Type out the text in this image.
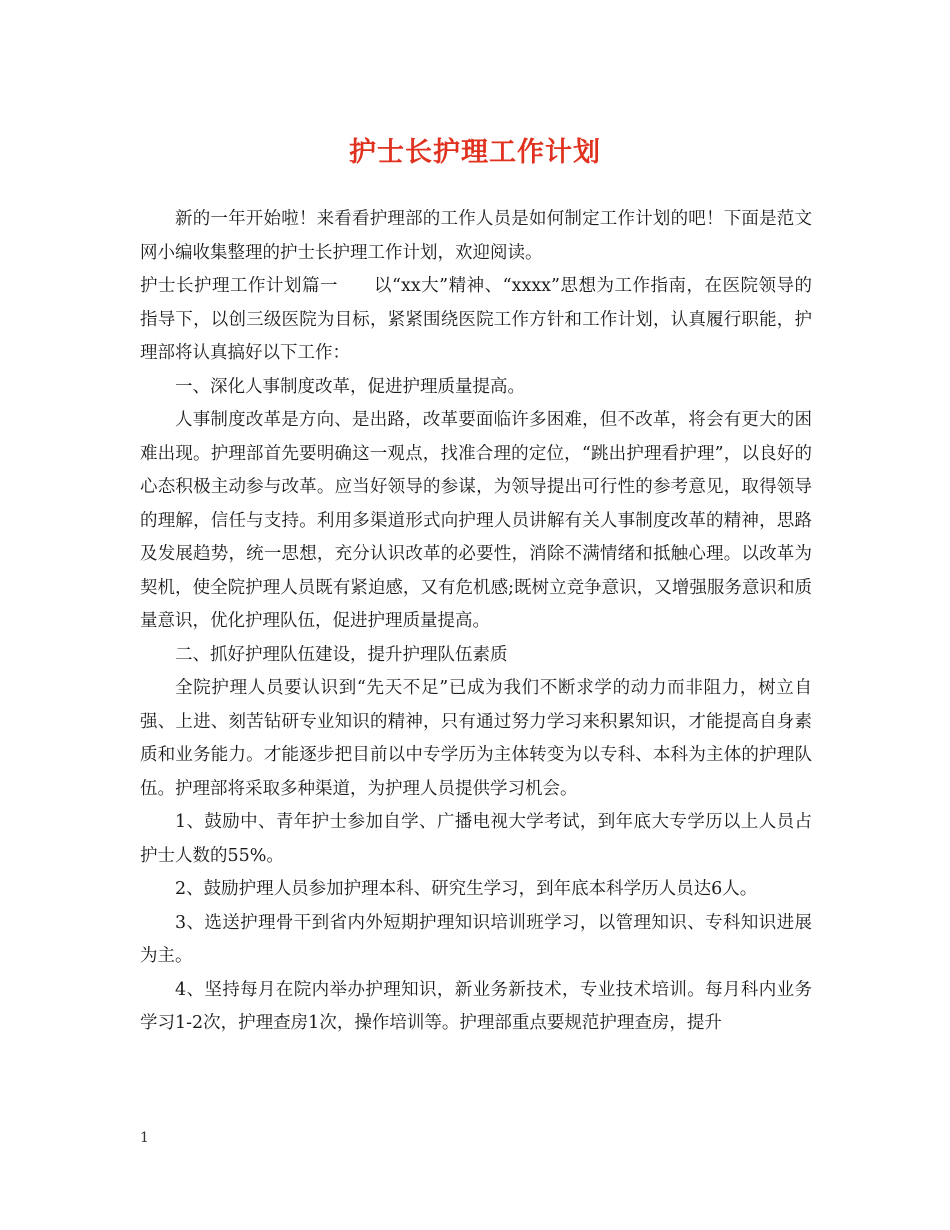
护士长护理工作计划

新的一年开始啦！来看看护理部的工作人员是如何制定工作计划的吧！下面是范文网小编收集整理的护士长护理工作计划，欢迎阅读。

护士长护理工作计划篇一　　以“xx大”精神、“xxxx”思想为工作指南，在医院领导的指导下，以创三级医院为目标，紧紧围绕医院工作方针和工作计划，认真履行职能，护理部将认真搞好以下工作：

一、深化人事制度改革，促进护理质量提高。

人事制度改革是方向、是出路，改革要面临许多困难，但不改革，将会有更大的困难出现。护理部首先要明确这一观点，找准合理的定位，“跳出护理看护理”，以良好的心态积极主动参与改革。应当好领导的参谋，为领导提出可行性的参考意见，取得领导的理解，信任与支持。利用多渠道形式向护理人员讲解有关人事制度改革的精神，思路及发展趋势，统一思想，充分认识改革的必要性，消除不满情绪和抵触心理。以改革为契机，使全院护理人员既有紧迫感，又有危机感;既树立竞争意识，又增强服务意识和质量意识，优化护理队伍，促进护理质量提高。

二、抓好护理队伍建设，提升护理队伍素质

全院护理人员要认识到“先天不足”已成为我们不断求学的动力而非阻力，树立自强、上进、刻苦钻研专业知识的精神，只有通过努力学习来积累知识，才能提高自身素质和业务能力。才能逐步把目前以中专学历为主体转变为以专科、本科为主体的护理队伍。护理部将采取多种渠道，为护理人员提供学习机会。

1、鼓励中、青年护士参加自学、广播电视大学考试，到年底大专学历以上人员占护士人数的55%。

2、鼓励护理人员参加护理本科、研究生学习，到年底本科学历人员达6人。

3、选送护理骨干到省内外短期护理知识培训班学习，以管理知识、专科知识进展为主。

4、坚持每月在院内举办护理知识，新业务新技术，专业技术培训。每月科内业务学习1-2次，护理查房1次，操作培训等。护理部重点要规范护理查房，提升

1
